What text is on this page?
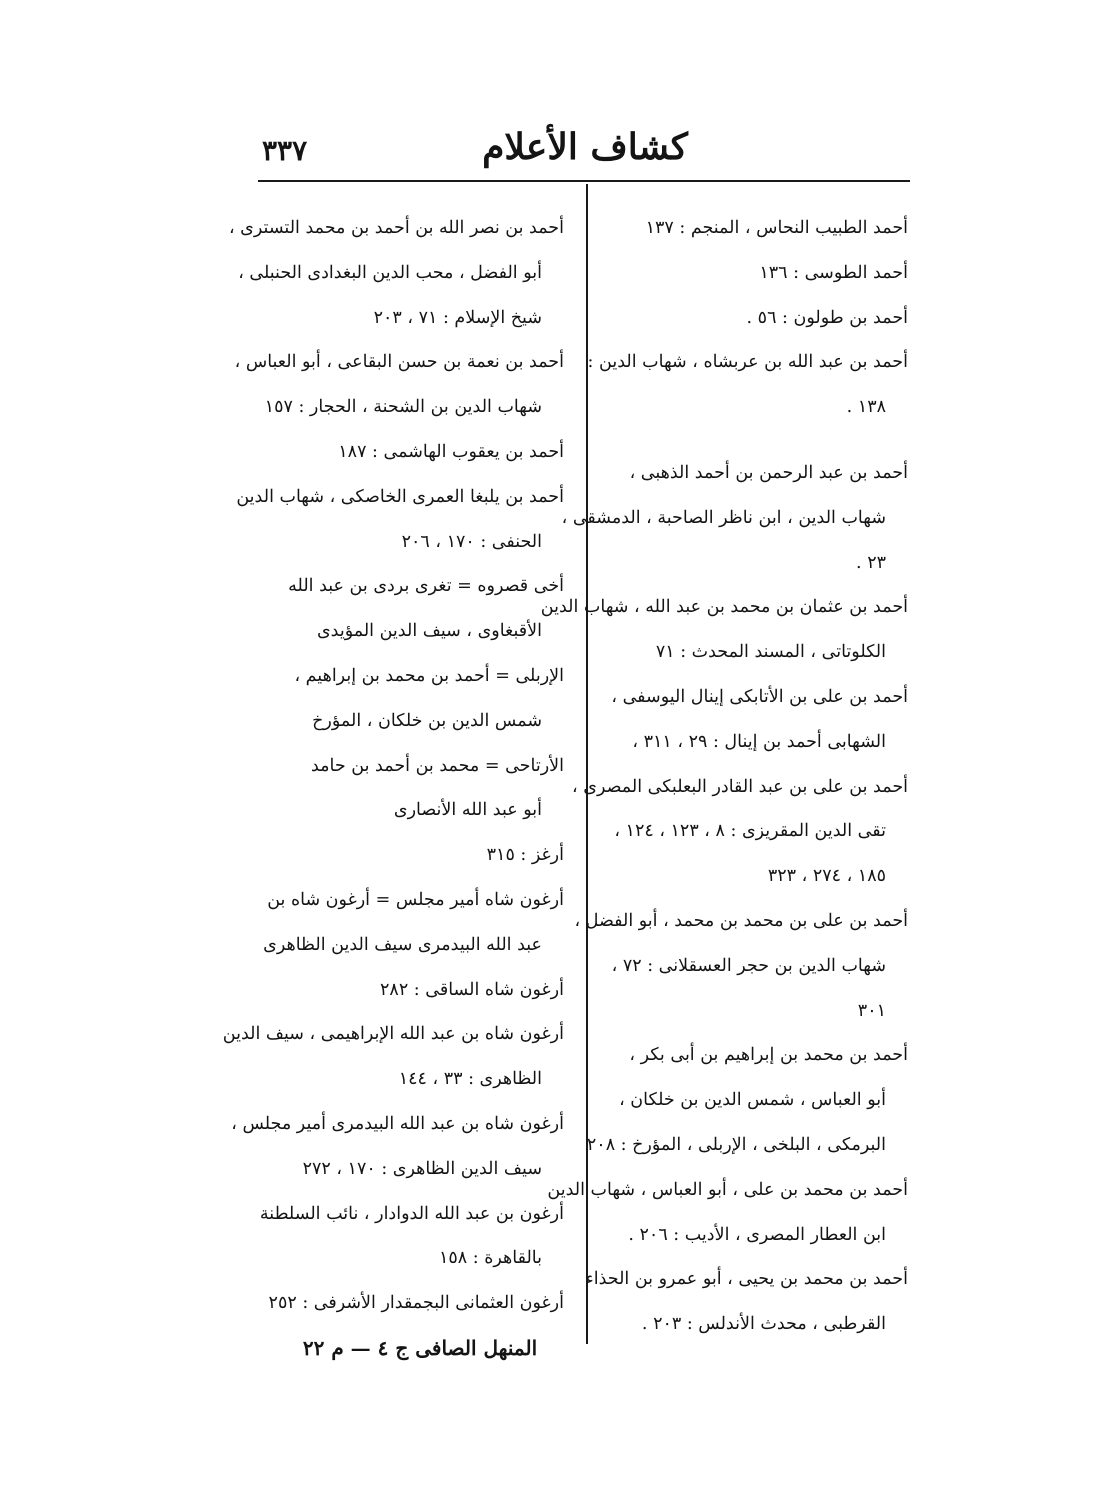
٣٣٧	كشاف الأعلام
أحمد الطبيب النحاس ، المنجم : ١٣٧
أحمد الطوسى : ١٣٦
أحمد بن طولون : ٥٦ .
أحمد بن عبد الله بن عربشاه ، شهاب الدين :
١٣٨ .
أحمد بن عبد الرحمن بن أحمد الذهبى ،
شهاب الدين ، ابن ناظر الصاحبة ، الدمشقى ،
٢٣ .
أحمد بن عثمان بن محمد بن عبد الله ، شهاب الدين
الكلوتاتى ، المسند المحدث : ٧١
أحمد بن على بن الأتابكى إينال اليوسفى ،
الشهابى أحمد بن إينال : ٢٩ ، ٣١١ ،
أحمد بن على بن عبد القادر البعلبكى المصرى ،
تقى الدين المقريزى : ٨ ، ١٢٣ ، ١٢٤ ،
١٨٥ ، ٢٧٤ ، ٣٢٣
أحمد بن على بن محمد بن محمد ، أبو الفضل ،
شهاب الدين بن حجر العسقلانى : ٧٢ ،
٣٠١
أحمد بن محمد بن إبراهيم بن أبى بكر ،
أبو العباس ، شمس الدين بن خلكان ،
البرمكى ، البلخى ، الإربلى ، المؤرخ : ٢٠٨
أحمد بن محمد بن على ، أبو العباس ، شهاب الدين
ابن العطار المصرى ، الأديب : ٢٠٦ .
أحمد بن محمد بن يحيى ، أبو عمرو بن الحذاء
القرطبى ، محدث الأندلس : ٢٠٣ .
أحمد بن نصر الله بن أحمد بن محمد التسترى ،
أبو الفضل ، محب الدين البغدادى الحنبلى ،
شيخ الإسلام : ٧١ ، ٢٠٣
أحمد بن نعمة بن حسن البقاعى ، أبو العباس ،
شهاب الدين بن الشحنة ، الحجار : ١٥٧
أحمد بن يعقوب الهاشمى : ١٨٧
أحمد بن يلبغا العمرى الخاصكى ، شهاب الدين
الحنفى : ١٧٠ ، ٢٠٦
أخى قصروه = تغرى بردى بن عبد الله
الأقبغاوى ، سيف الدين المؤيدى
الإربلى = أحمد بن محمد بن إبراهيم ،
شمس الدين بن خلكان ، المؤرخ
الأرتاحى = محمد بن أحمد بن حامد
أبو عبد الله الأنصارى
أرغز : ٣١٥
أرغون شاه أمير مجلس = أرغون شاه بن
عبد الله البيدمرى سيف الدين الظاهرى
أرغون شاه الساقى : ٢٨٢
أرغون شاه بن عبد الله الإبراهيمى ، سيف الدين
الظاهرى : ٣٣ ، ١٤٤
أرغون شاه بن عبد الله البيدمرى أمير مجلس ،
سيف الدين الظاهرى : ١٧٠ ، ٢٧٢
أرغون بن عبد الله الدوادار ، نائب السلطنة
بالقاهرة : ١٥٨
أرغون العثمانى البجمقدار الأشرفى : ٢٥٢
المنهل الصافى ج ٤ — م ٢٢
